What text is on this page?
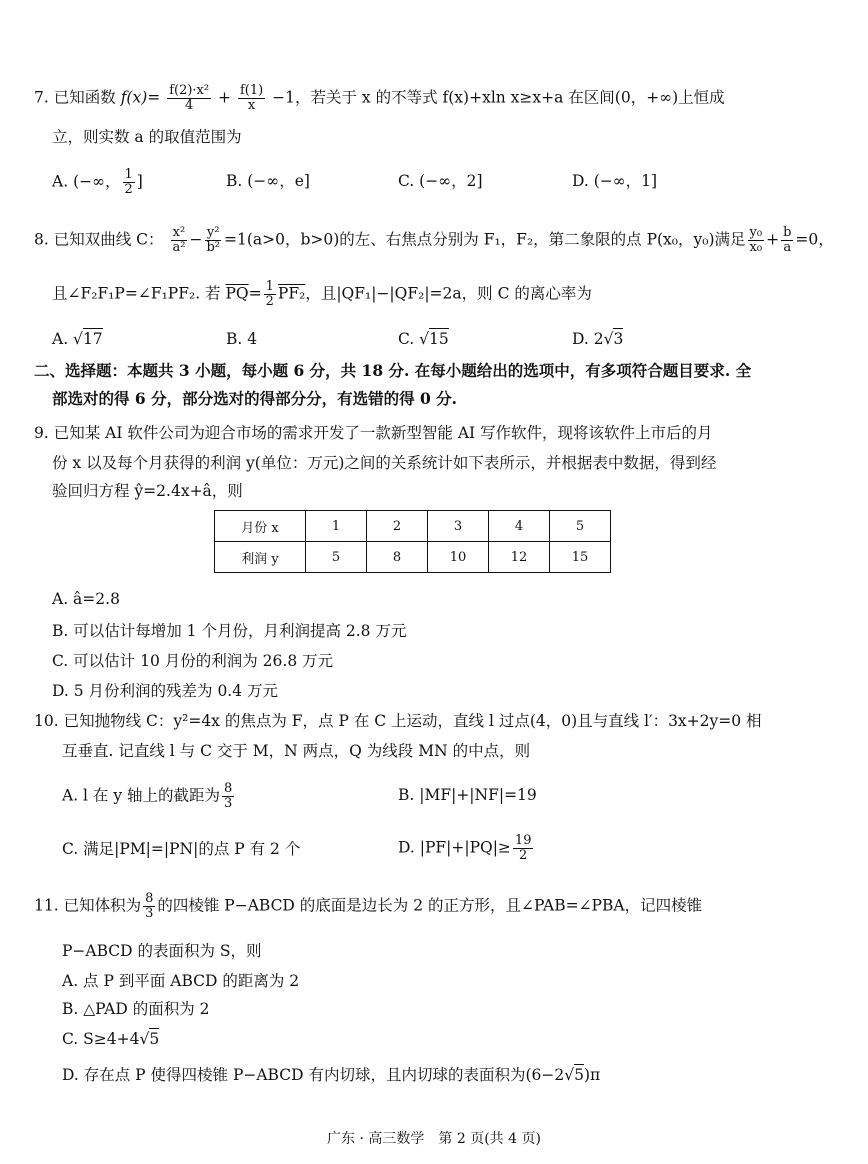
7. 已知函数 $f(x)= \frac{\text{f(2)·x²}}{4} + \frac{f(1)}{x} -1$，若关于 x 的不等式 f(x)+xln x≥x+a 在区间(0，+∞)上恒成
立，则实数 a 的取值范围为
A. (−∞， $\frac{1}{2}$ ]	B. (−∞，e]	C. (−∞，2]	D. (−∞，1]
8. 已知双曲线 C： $\frac{\text{x²}}{\text{a²}} - \frac{\text{y²}}{\text{b²}} =1(a>0$，b>0)的左、右焦点分别为 F₁，F₂，第二象限的点 P(x₀，y₀)满足 $\frac{\text{y₀}}{\text{x₀}} + \frac{b}{a} =0$，
且∠F₂F₁P=∠F₁PF₂. 若 $\overline{PQ}= \frac{1}{2} PF_2$，且|QF₁|−|QF₂|=2a，则 C 的离心率为
A. √17	B. 4	C. √15	D. 2√3
二、选择题：本题共 3 小题，每小题 6 分，共 18 分. 在每小题给出的选项中，有多项符合题目要求. 全
部选对的得 6 分，部分选对的得部分分，有选错的得 0 分.
9. 已知某 AI 软件公司为迎合市场的需求开发了一款新型智能 AI 写作软件，现将该软件上市后的月
份 x 以及每个月获得的利润 y(单位：万元)之间的关系统计如下表所示，并根据表中数据，得到经
验回归方程 ŷ=2.4x+â，则
月份 x	1	2	3	4	5
利润 y	5	8	10	12	15
A. â=2.8
B. 可以估计每增加 1 个月份，月利润提高 2.8 万元
C. 可以估计 10 月份的利润为 26.8 万元
D. 5 月份利润的残差为 0.4 万元
10. 已知抛物线 C：y²=4x 的焦点为 F，点 P 在 C 上运动，直线 l 过点(4，0)且与直线 l′：3x+2y=0 相
互垂直. 记直线 l 与 C 交于 M，N 两点，Q 为线段 MN 的中点，则
A. l 在 y 轴上的截距为 $\frac{8}{3}$	B. |MF|+|NF|=19
C. 满足|PM|=|PN|的点 P 有 2 个	D. $|PF|+|PQ|\ge \frac{19}{2}$
11. 已知体积为 $\frac{8}{3}$ 的四棱锥 P−ABCD 的底面是边长为 2 的正方形，且∠PAB=∠PBA，记四棱锥
P−ABCD 的表面积为 S，则
A. 点 P 到平面 ABCD 的距离为 2
B. △PAD 的面积为 2
C. S≥4+4√5
D. 存在点 P 使得四棱锥 P−ABCD 有内切球，且内切球的表面积为(6−2√5)π
广东 · 高三数学　第 2 页(共 4 页)
